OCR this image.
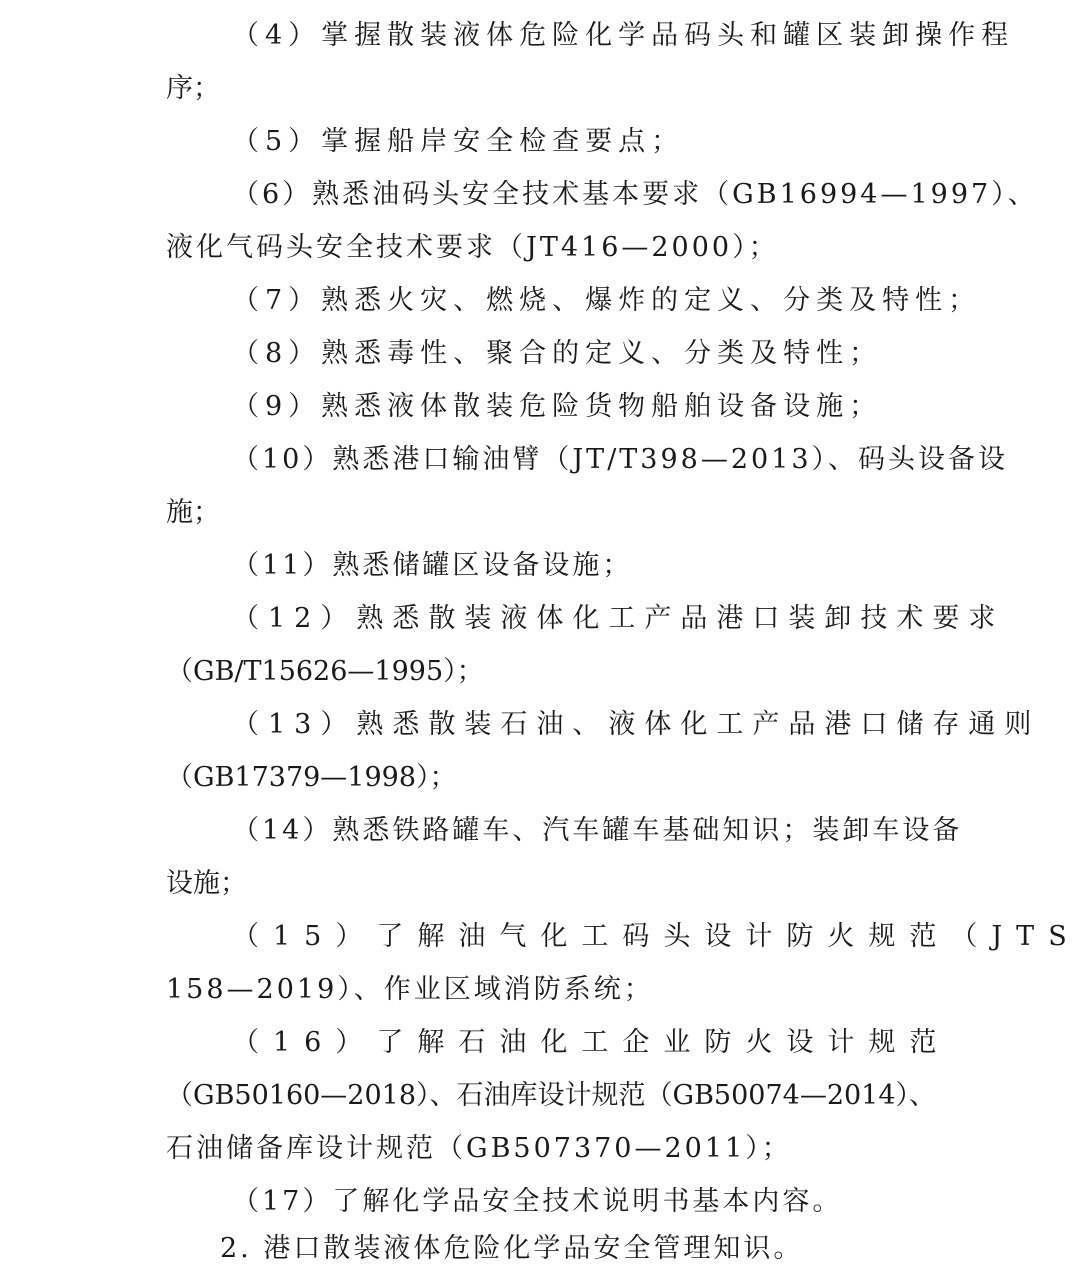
（4）掌握散装液体危险化学品码头和罐区装卸操作程
序；
（5）掌握船岸安全检查要点；
（6）熟悉油码头安全技术基本要求（GB16994—1997）、
液化气码头安全技术要求（JT416—2000）；
（7）熟悉火灾、燃烧、爆炸的定义、分类及特性；
（8）熟悉毒性、聚合的定义、分类及特性；
（9）熟悉液体散装危险货物船舶设备设施；
（10）熟悉港口输油臂（JT/T398—2013）、码头设备设
施；
（11）熟悉储罐区设备设施；
（12）熟悉散装液体化工产品港口装卸技术要求
（GB/T15626—1995）；
（13）熟悉散装石油、液体化工产品港口储存通则
（GB17379—1998）；
（14）熟悉铁路罐车、汽车罐车基础知识；装卸车设备
设施；
（15）了解油气化工码头设计防火规范（JTS
158—2019）、作业区域消防系统；
（16）了解石油化工企业防火设计规范
（GB50160—2018）、石油库设计规范（GB50074—2014）、
石油储备库设计规范（GB507370—2011）；
（17）了解化学品安全技术说明书基本内容。
2. 港口散装液体危险化学品安全管理知识。
